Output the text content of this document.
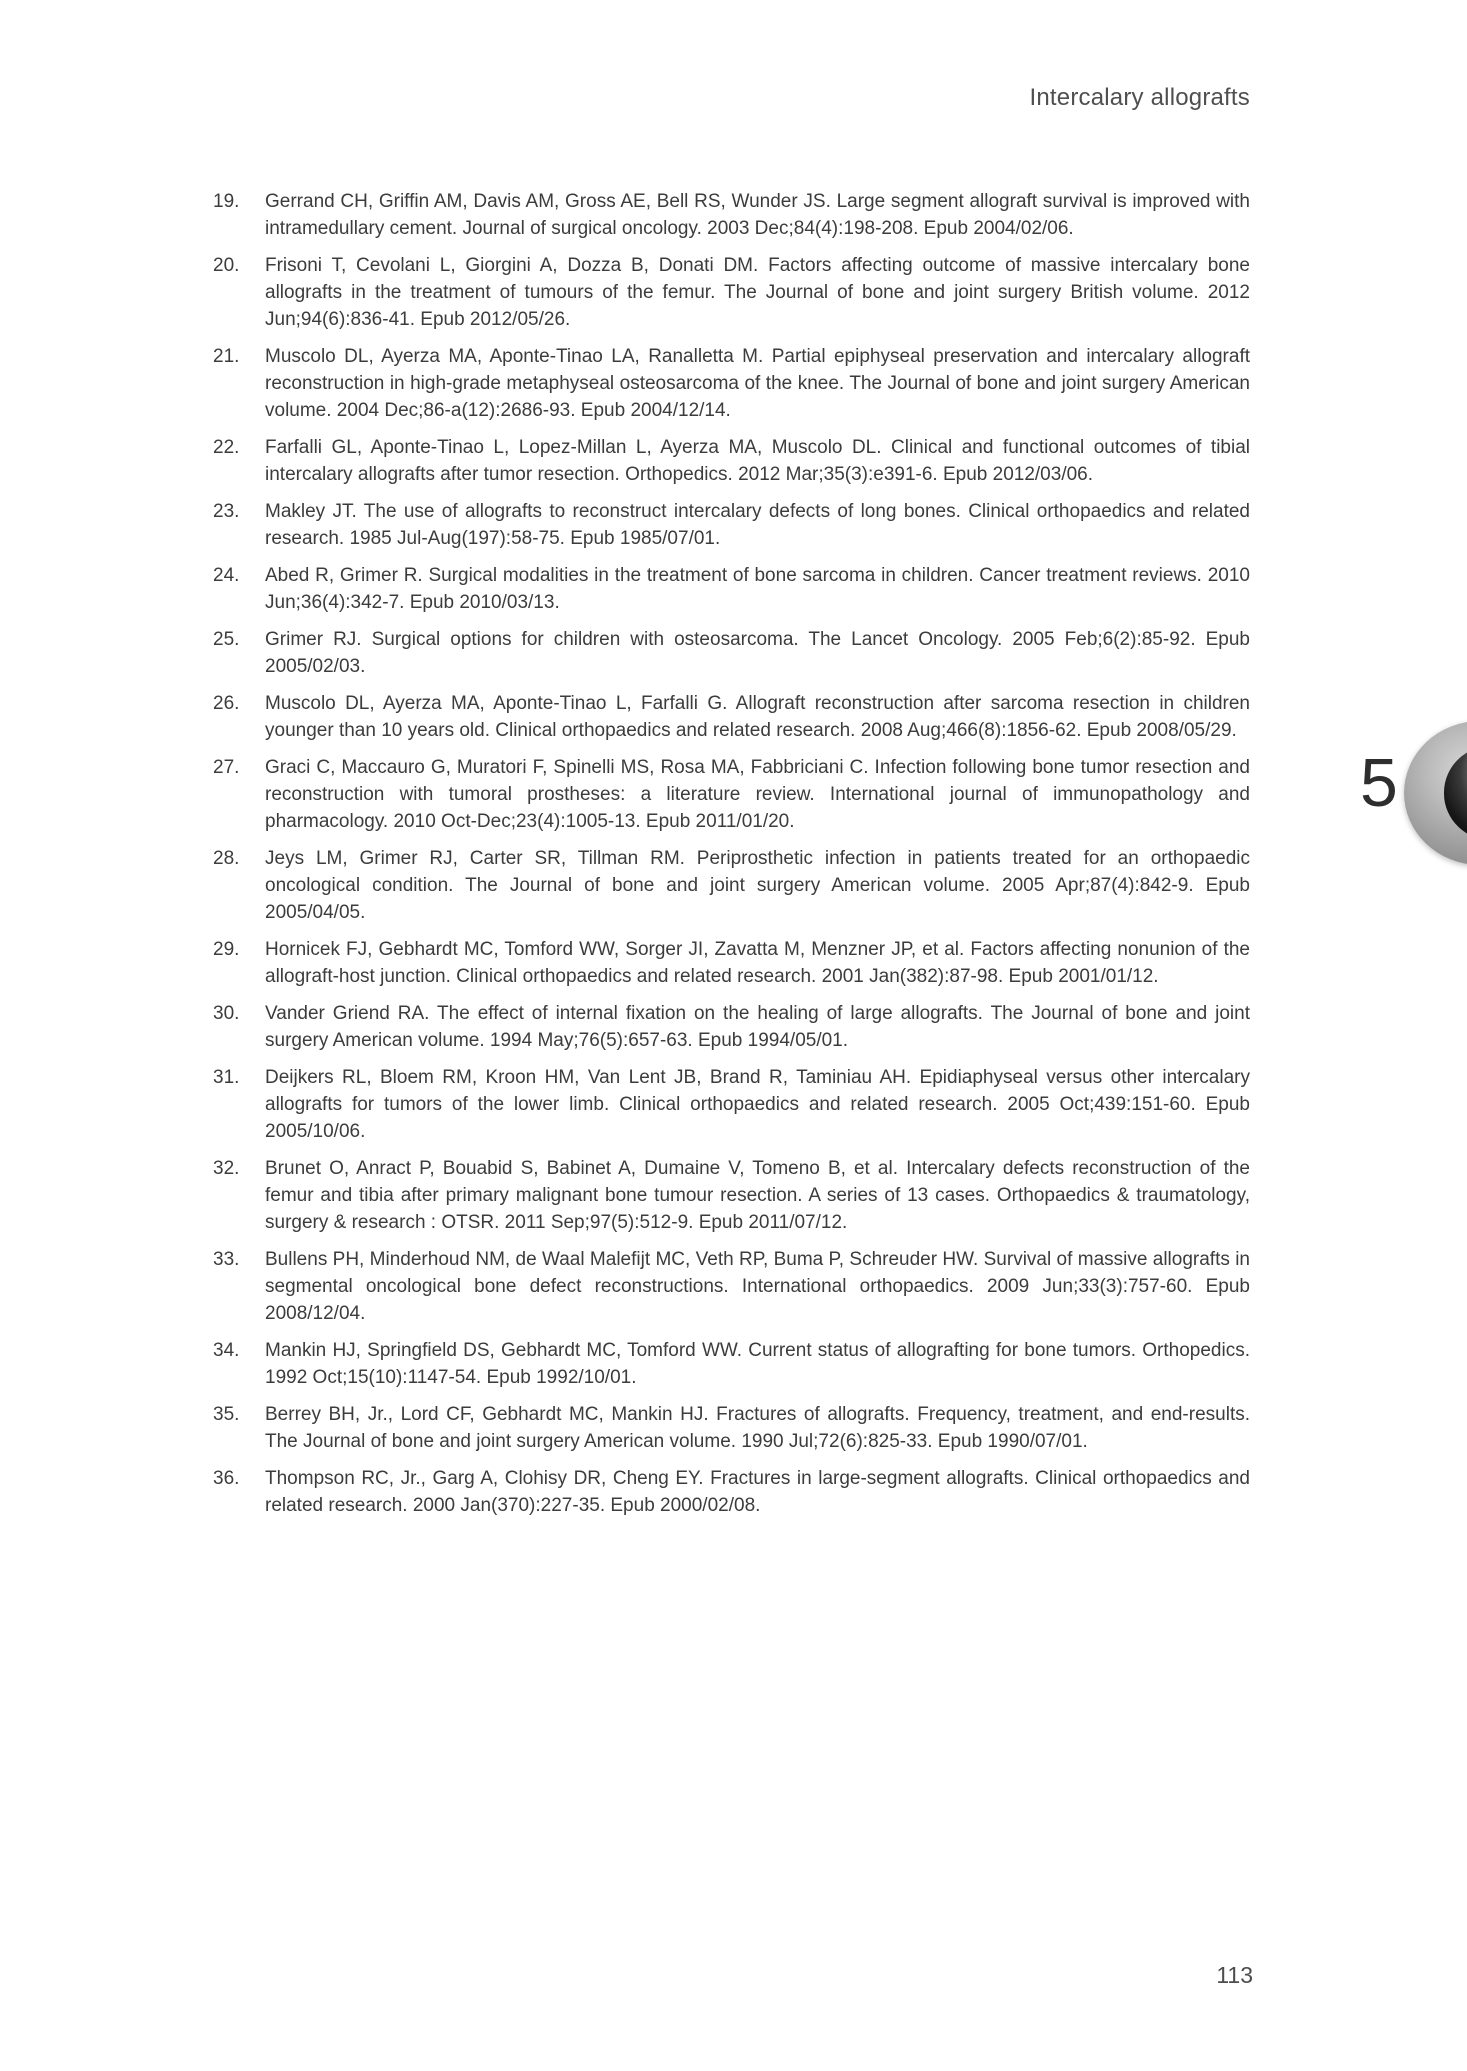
Intercalary allografts
19.	Gerrand CH, Griffin AM, Davis AM, Gross AE, Bell RS, Wunder JS. Large segment allograft survival is improved with intramedullary cement. Journal of surgical oncology. 2003 Dec;84(4):198-208. Epub 2004/02/06.
20.	Frisoni T, Cevolani L, Giorgini A, Dozza B, Donati DM. Factors affecting outcome of massive intercalary bone allografts in the treatment of tumours of the femur. The Journal of bone and joint surgery British volume. 2012 Jun;94(6):836-41. Epub 2012/05/26.
21.	Muscolo DL, Ayerza MA, Aponte-Tinao LA, Ranalletta M. Partial epiphyseal preservation and intercalary allograft reconstruction in high-grade metaphyseal osteosarcoma of the knee. The Journal of bone and joint surgery American volume. 2004 Dec;86-a(12):2686-93. Epub 2004/12/14.
22.	Farfalli GL, Aponte-Tinao L, Lopez-Millan L, Ayerza MA, Muscolo DL. Clinical and functional outcomes of tibial intercalary allografts after tumor resection. Orthopedics. 2012 Mar;35(3):e391-6. Epub 2012/03/06.
23.	Makley JT. The use of allografts to reconstruct intercalary defects of long bones. Clinical orthopaedics and related research. 1985 Jul-Aug(197):58-75. Epub 1985/07/01.
24.	Abed R, Grimer R. Surgical modalities in the treatment of bone sarcoma in children. Cancer treatment reviews. 2010 Jun;36(4):342-7. Epub 2010/03/13.
25.	Grimer RJ. Surgical options for children with osteosarcoma. The Lancet Oncology. 2005 Feb;6(2):85-92. Epub 2005/02/03.
26.	Muscolo DL, Ayerza MA, Aponte-Tinao L, Farfalli G. Allograft reconstruction after sarcoma resection in children younger than 10 years old. Clinical orthopaedics and related research. 2008 Aug;466(8):1856-62. Epub 2008/05/29.
27.	Graci C, Maccauro G, Muratori F, Spinelli MS, Rosa MA, Fabbriciani C. Infection following bone tumor resection and reconstruction with tumoral prostheses: a literature review. International journal of immunopathology and pharmacology. 2010 Oct-Dec;23(4):1005-13. Epub 2011/01/20.
28.	Jeys LM, Grimer RJ, Carter SR, Tillman RM. Periprosthetic infection in patients treated for an orthopaedic oncological condition. The Journal of bone and joint surgery American volume. 2005 Apr;87(4):842-9. Epub 2005/04/05.
29.	Hornicek FJ, Gebhardt MC, Tomford WW, Sorger JI, Zavatta M, Menzner JP, et al. Factors affecting nonunion of the allograft-host junction. Clinical orthopaedics and related research. 2001 Jan(382):87-98. Epub 2001/01/12.
30.	Vander Griend RA. The effect of internal fixation on the healing of large allografts. The Journal of bone and joint surgery American volume. 1994 May;76(5):657-63. Epub 1994/05/01.
31.	Deijkers RL, Bloem RM, Kroon HM, Van Lent JB, Brand R, Taminiau AH. Epidiaphyseal versus other intercalary allografts for tumors of the lower limb. Clinical orthopaedics and related research. 2005 Oct;439:151-60. Epub 2005/10/06.
32.	Brunet O, Anract P, Bouabid S, Babinet A, Dumaine V, Tomeno B, et al. Intercalary defects reconstruction of the femur and tibia after primary malignant bone tumour resection. A series of 13 cases. Orthopaedics & traumatology, surgery & research : OTSR. 2011 Sep;97(5):512-9. Epub 2011/07/12.
33.	Bullens PH, Minderhoud NM, de Waal Malefijt MC, Veth RP, Buma P, Schreuder HW. Survival of massive allografts in segmental oncological bone defect reconstructions. International orthopaedics. 2009 Jun;33(3):757-60. Epub 2008/12/04.
34.	Mankin HJ, Springfield DS, Gebhardt MC, Tomford WW. Current status of allografting for bone tumors. Orthopedics. 1992 Oct;15(10):1147-54. Epub 1992/10/01.
35.	Berrey BH, Jr., Lord CF, Gebhardt MC, Mankin HJ. Fractures of allografts. Frequency, treatment, and end-results. The Journal of bone and joint surgery American volume. 1990 Jul;72(6):825-33. Epub 1990/07/01.
36.	Thompson RC, Jr., Garg A, Clohisy DR, Cheng EY. Fractures in large-segment allografts. Clinical orthopaedics and related research. 2000 Jan(370):227-35. Epub 2000/02/08.
5
113
